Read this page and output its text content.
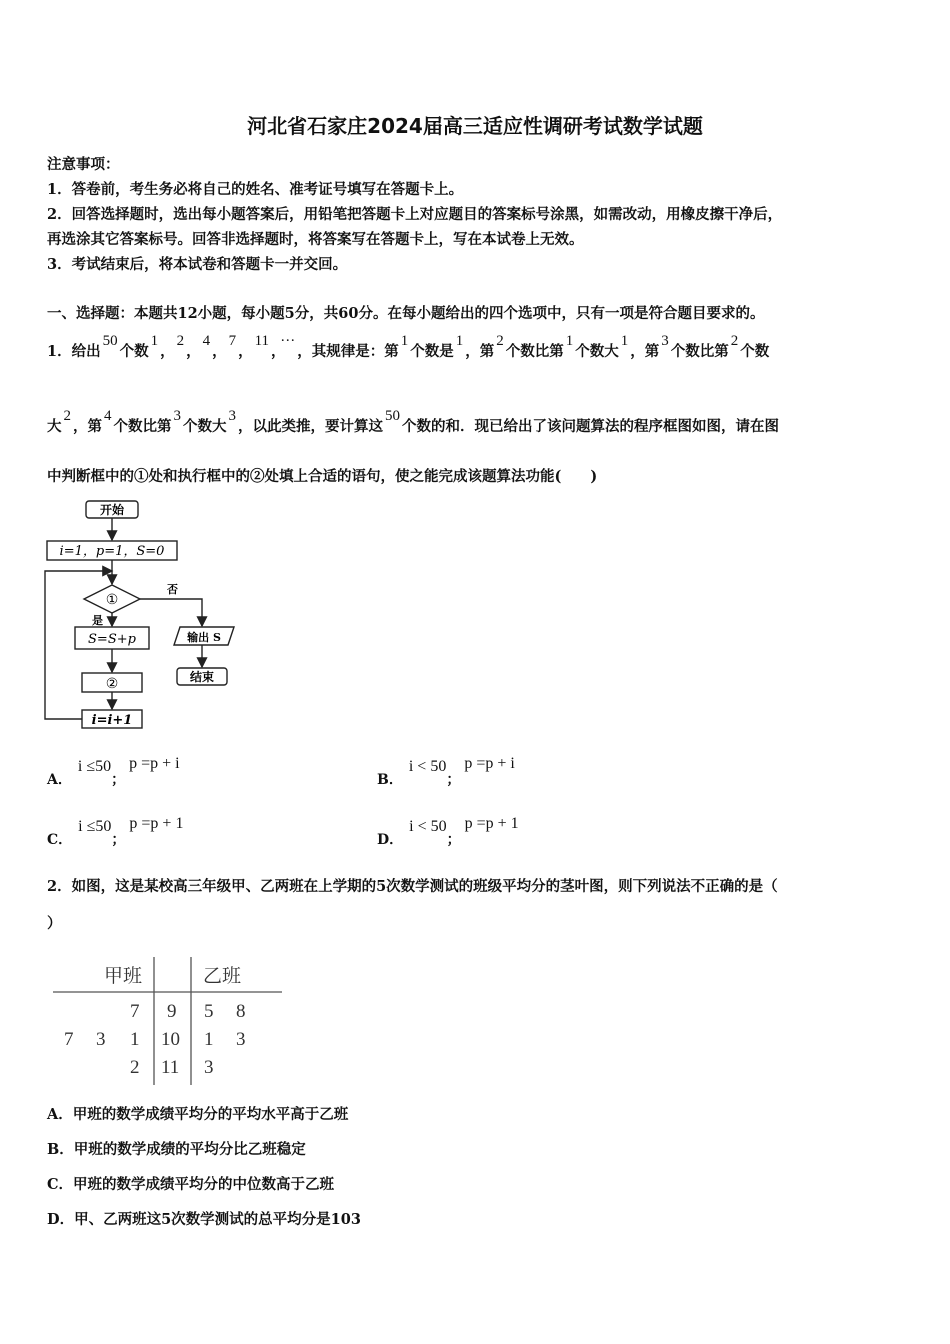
河北省石家庄2024届高三适应性调研考试数学试题
注意事项：
1．答卷前，考生务必将自己的姓名、准考证号填写在答题卡上。
2．回答选择题时，选出每小题答案后，用铅笔把答题卡上对应题目的答案标号涂黑，如需改动，用橡皮擦干净后，
再选涂其它答案标号。回答非选择题时，将答案写在答题卡上，写在本试卷上无效。
3．考试结束后，将本试卷和答题卡一并交回。
一、选择题：本题共12小题，每小题5分，共60分。在每小题给出的四个选项中，只有一项是符合题目要求的。
1．给出50个数1，2，4，7，11，···，其规律是：第1个数是1，第2个数比第1个数大1，第3个数比第2个数
大2，第4个数比第3个数大3，以此类推，要计算这50个数的和．现已给出了该问题算法的程序框图如图，请在图
中判断框中的①处和执行框中的②处填上合适的语句，使之能完成该题算法功能(　　)
开始
i=1，p=1，S=0
①
否
是
S=S+p
②
i=i+1
输出 S
结束
A．i ≤50；p =p + i
B．i < 50；p =p + i
C．i ≤50；p =p + 1
D．i < 50；p =p + 1
2．如图，这是某校高三年级甲、乙两班在上学期的5次数学测试的班级平均分的茎叶图，则下列说法不正确的是（
）
甲班	乙班
7 9 5 8
7 3 1 10 1 3
2 11 3
A．甲班的数学成绩平均分的平均水平高于乙班
B．甲班的数学成绩的平均分比乙班稳定
C．甲班的数学成绩平均分的中位数高于乙班
D．甲、乙两班这5次数学测试的总平均分是103
